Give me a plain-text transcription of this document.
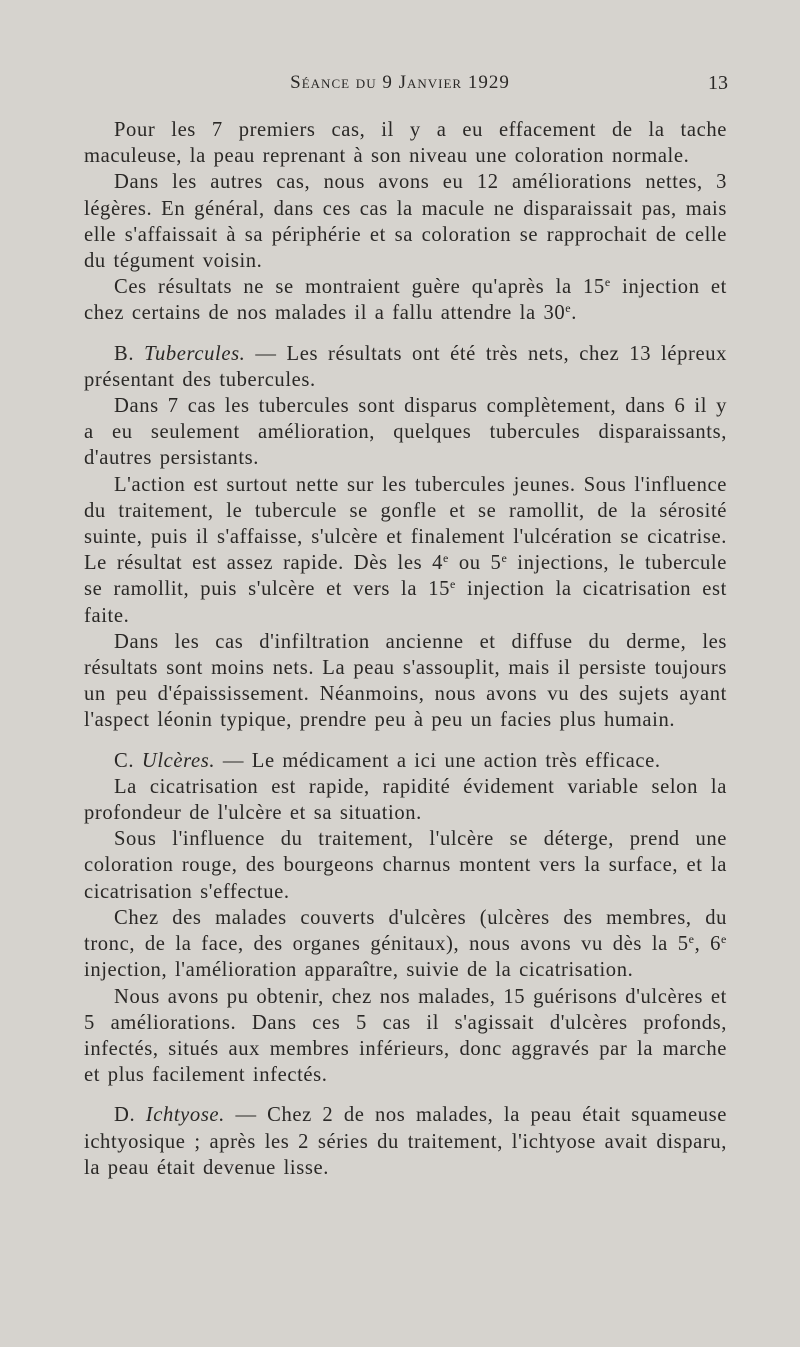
Séance du 9 Janvier 1929	13

Pour les 7 premiers cas, il y a eu effacement de la tache maculeuse, la peau reprenant à son niveau une coloration normale.

Dans les autres cas, nous avons eu 12 améliorations nettes, 3 légères. En général, dans ces cas la macule ne disparaissait pas, mais elle s'affaissait à sa périphérie et sa coloration se rapprochait de celle du tégument voisin.

Ces résultats ne se montraient guère qu'après la 15e injection et chez certains de nos malades il a fallu attendre la 30e.

B. Tubercules. — Les résultats ont été très nets, chez 13 lépreux présentant des tubercules.

Dans 7 cas les tubercules sont disparus complètement, dans 6 il y a eu seulement amélioration, quelques tubercules disparaissants, d'autres persistants.

L'action est surtout nette sur les tubercules jeunes. Sous l'influence du traitement, le tubercule se gonfle et se ramollit, de la sérosité suinte, puis il s'affaisse, s'ulcère et finalement l'ulcération se cicatrise. Le résultat est assez rapide. Dès les 4e ou 5e injections, le tubercule se ramollit, puis s'ulcère et vers la 15e injection la cicatrisation est faite.

Dans les cas d'infiltration ancienne et diffuse du derme, les résultats sont moins nets. La peau s'assouplit, mais il persiste toujours un peu d'épaississement. Néanmoins, nous avons vu des sujets ayant l'aspect léonin typique, prendre peu à peu un facies plus humain.

C. Ulcères. — Le médicament a ici une action très efficace.

La cicatrisation est rapide, rapidité évidement variable selon la profondeur de l'ulcère et sa situation.

Sous l'influence du traitement, l'ulcère se déterge, prend une coloration rouge, des bourgeons charnus montent vers la surface, et la cicatrisation s'effectue.

Chez des malades couverts d'ulcères (ulcères des membres, du tronc, de la face, des organes génitaux), nous avons vu dès la 5e, 6e injection, l'amélioration apparaître, suivie de la cicatrisation.

Nous avons pu obtenir, chez nos malades, 15 guérisons d'ulcères et 5 améliorations. Dans ces 5 cas il s'agissait d'ulcères profonds, infectés, situés aux membres inférieurs, donc aggravés par la marche et plus facilement infectés.

D. Ichtyose. — Chez 2 de nos malades, la peau était squameuse ichtyosique ; après les 2 séries du traitement, l'ichtyose avait disparu, la peau était devenue lisse.
